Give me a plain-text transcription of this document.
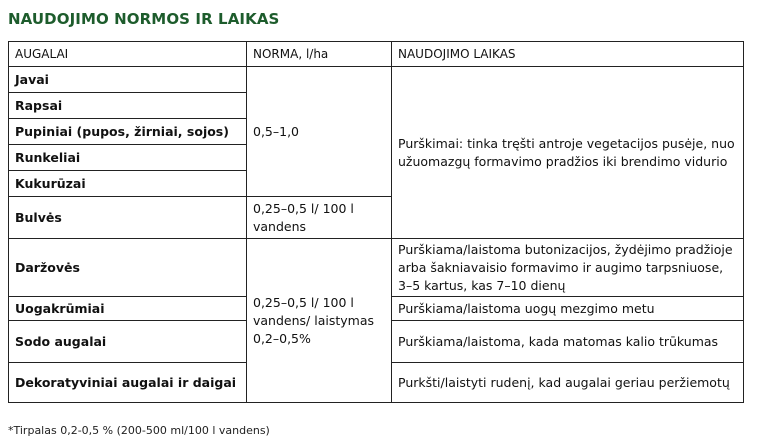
NAUDOJIMO NORMOS IR LAIKAS
AUGALAI	NORMA, l/ha	NAUDOJIMO LAIKAS
Javai	0,5–1,0	Purškimai: tinka tręšti antroje vegetacijos pusėje, nuo užuomazgų formavimo pradžios iki brendimo vidurio
Rapsai		
Pupiniai (pupos, žirniai, sojos)		
Runkeliai		
Kukurūzai		
Bulvės	0,25–0,5 l/ 100 l vandens	
Daržovės	0,25–0,5 l/ 100 l vandens/ laistymas 0,2–0,5%	Purškiama/laistoma butonizacijos, žydėjimo pradžioje arba šakniavaisio formavimo ir augimo tarpsniuose, 3–5 kartus, kas 7–10 dienų
Uogakrūmiai		Purškiama/laistoma uogų mezgimo metu
Sodo augalai		Purškiama/laistoma, kada matomas kalio trūkumas
Dekoratyviniai augalai ir daigai		Purkšti/laistyti rudenį, kad augalai geriau peržiemotų
*Tirpalas 0,2-0,5 % (200-500 ml/100 l vandens)
